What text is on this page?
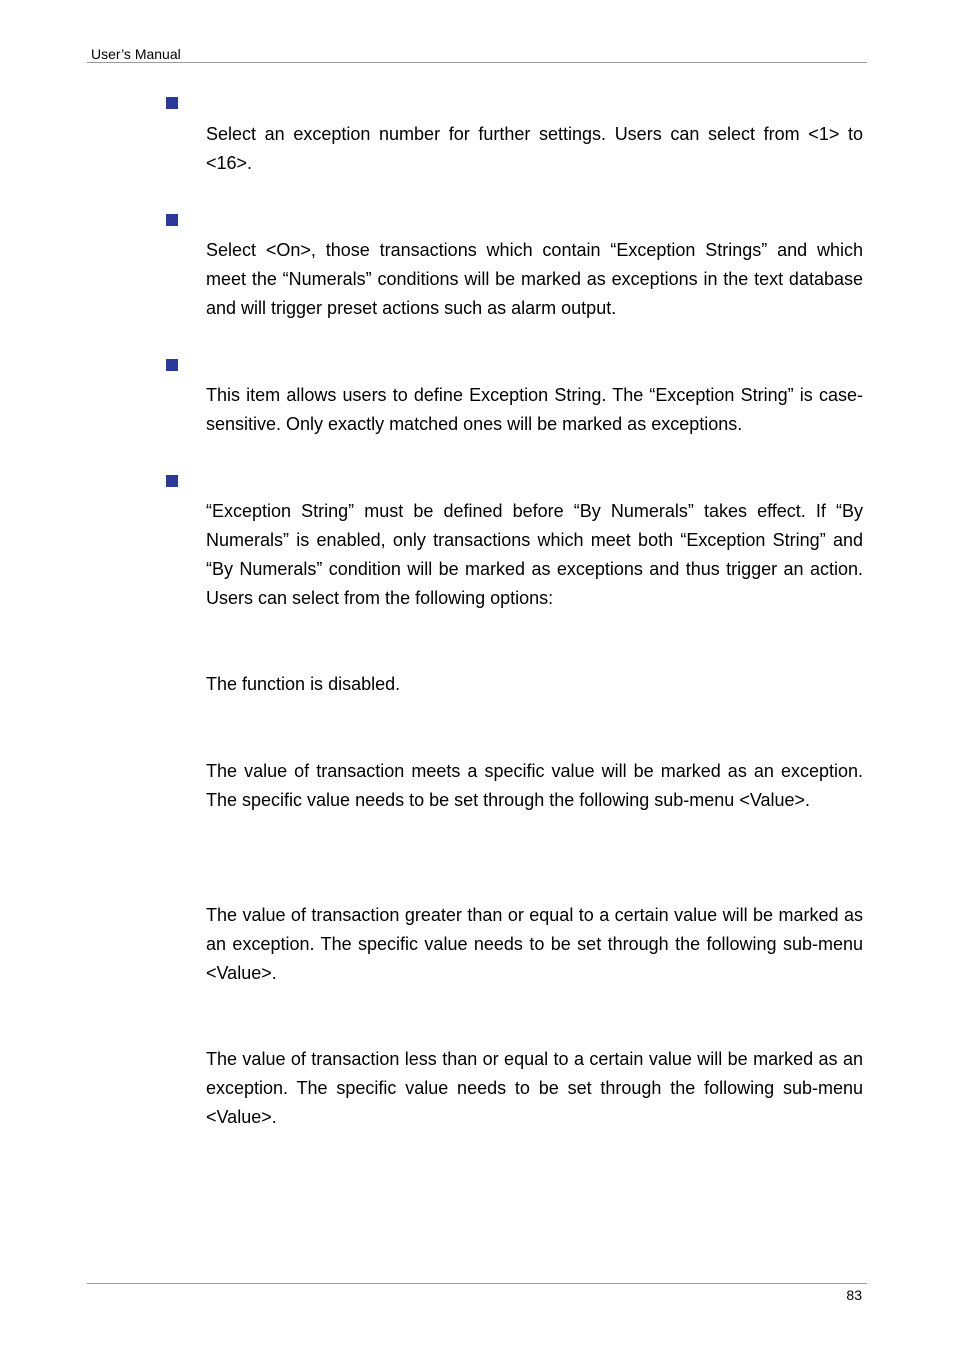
User’s Manual

Select an exception number for further settings. Users can select from <1> to <16>.

Select <On>, those transactions which contain “Exception Strings” and which meet the “Numerals” conditions will be marked as exceptions in the text database and will trigger preset actions such as alarm output.

This item allows users to define Exception String. The “Exception String” is case-sensitive. Only exactly matched ones will be marked as exceptions.

“Exception String” must be defined before “By Numerals” takes effect. If “By Numerals” is enabled, only transactions which meet both “Exception String” and “By Numerals” condition will be marked as exceptions and thus trigger an action. Users can select from the following options:

The function is disabled.

The value of transaction meets a specific value will be marked as an exception. The specific value needs to be set through the following sub-menu <Value>.

The value of transaction greater than or equal to a certain value will be marked as an exception. The specific value needs to be set through the following sub-menu <Value>.

The value of transaction less than or equal to a certain value will be marked as an exception. The specific value needs to be set through the following sub-menu <Value>.

83
